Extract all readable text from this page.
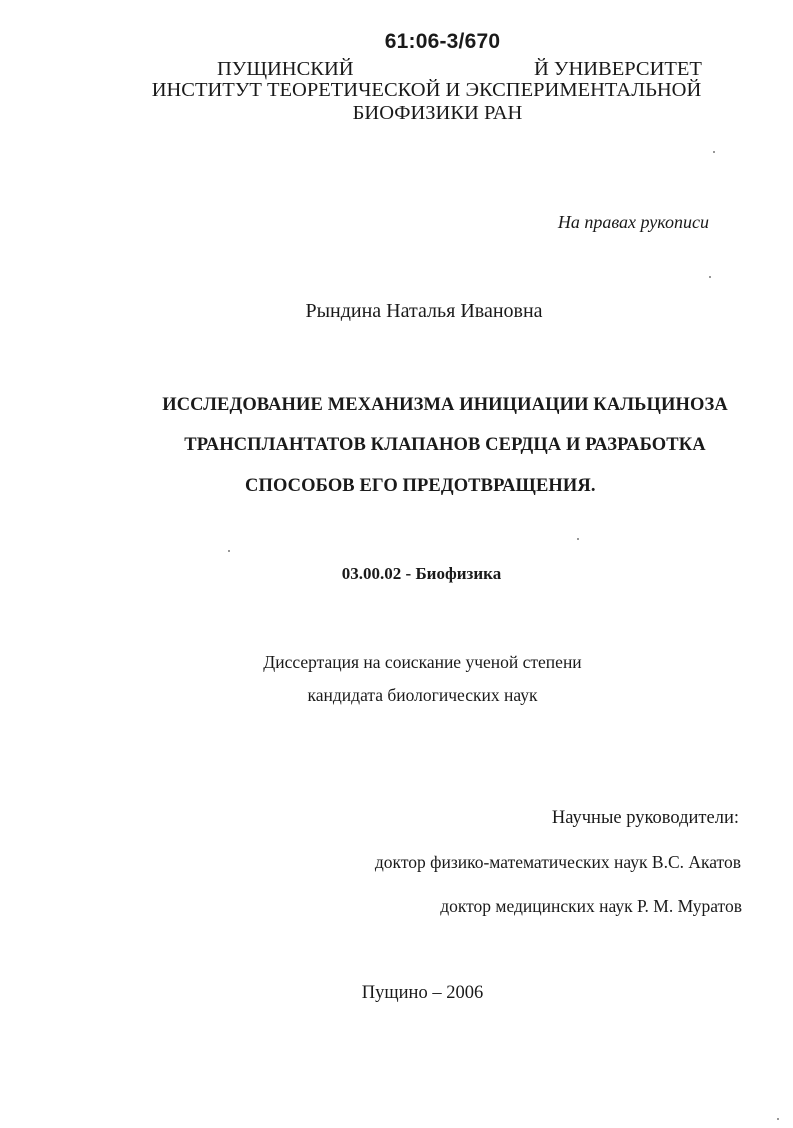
61:06-3/670
ПУЩИНСКИЙ	Й УНИВЕРСИТЕТ
ИНСТИТУТ ТЕОРЕТИЧЕСКОЙ И ЭКСПЕРИМЕНТАЛЬНОЙ
БИОФИЗИКИ РАН
На правах рукописи
Рындина Наталья Ивановна
ИССЛЕДОВАНИЕ МЕХАНИЗМА ИНИЦИАЦИИ КАЛЬЦИНОЗА
ТРАНСПЛАНТАТОВ КЛАПАНОВ СЕРДЦА И РАЗРАБОТКА
СПОСОБОВ ЕГО ПРЕДОТВРАЩЕНИЯ.
03.00.02 - Биофизика
Диссертация на соискание ученой степени
кандидата биологических наук
Научные руководители:
доктор физико-математических наук В.С. Акатов
доктор медицинских наук Р. М. Муратов
Пущино – 2006
